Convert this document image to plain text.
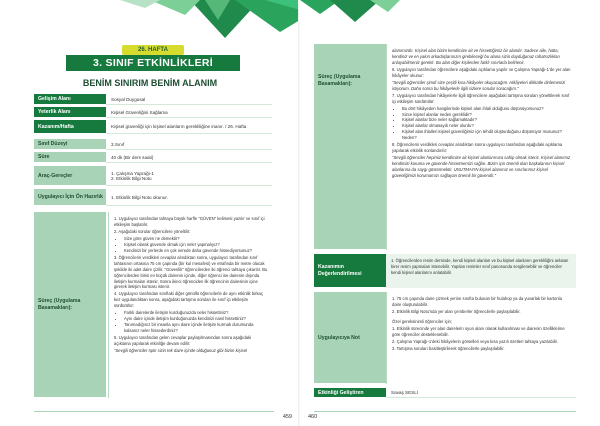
26. HAFTA
3. SINIF ETKİNLİKLERİ
BENİM SINIRIM BENİM ALANIM
Gelişim Alanı	Sosyal Duygusal
Yeterlik Alanı	Kişisel Güvenliğini Sağlama
Kazanım/Hafta	Kişisel güvenliği için kişisel alanların gerekliliğine inanır. / 26. Hafta
Sınıf Düzeyi	3.Sınıf
Süre	40 dk (Bir ders saati)
Araç-Gereçler	1. Çalışma Yaprağı-1
2. Etkinlik Bilgi Notu
Uygulayıcı İçin Ön Hazırlık	1. Etkinlik Bilgi Notu okunur.
Süreç (Uygulama Basamakları):

1. Uygulayıcı tarafından tahtaya büyük harfle "GÜVEN" kelimesi yazılır ve sınıf içi etkileşim başlatılır.

2. Aşağıdaki sorular öğrencilere yöneltilir:

• Size göre güven ne demektir?
• Kişisel olarak güvende olmak için neler yapmalıyız?
• Kendinizi bir yerlerde en çok nerede daha güvende hissediyorsunuz?

3. Öğrencilerin verdikleri cevaplar alındıktan sonra, uygulayıcı tarafından sınıf tahtasının ortasına 75 cm çapında (bir kul mesafesi) ve etrafında bir metre olacak şekilde iki adet daire çizilir. "Güvenlik" öğrencilerden iki öğrenci tahtaya çıkarılır. Bu öğrencilerden birisi en küçük dairenin içinde, diğer öğrenci ise dairenin dışında iletişim kurmaları istenir. Sonra ikinci öğrenciden ilk öğrencinin dairesinin içine girerek iletişim kurması istenir.

4. Uygulayıcı tarafından sınıftaki diğer gönüllü öğrencilerle de aynı etkinlik birkaç kez uygulandıktan sonra, aşağıdaki tartışma soruları ile sınıf içi etkileşim sürdürülür:

• Farklı dairelerde iletişim kurduğunuzda neler hissettiniz?
• Aynı daire içinde iletişim kurduğunuzda kendinizi nasıl hissettiniz?
• Tanımadığınız bir insanla aynı daire içinde iletişim kurmak durumunda kalsanız neler hissederdiniz?

5. Uygulayıcı tarafından gelen cevaplar paylaşılmasından sonra aşağıdaki açıklama yapılarak etkinliğe devam edilir:

"Sevgili öğrenciler tıpkı sizin tek daire içinde olduğunuz gibi bizim kişisel

459
Süreç (Uygulama Basamakları):

alanımızdır. Kişisel alan bizim kendimize ait ve hissettiğimiz bir alandır. Sadece aile, hatta, kendiniz ve en yakın arkadaşlarınızın girebileceği bu alana sizin duyduğunuz rahatsızlıkları anlayabilmeniz gerekir. Bu alan diğer kişilerden farklı sınırlarla belirlenir.

6. Uygulayıcı tarafından öğrencilere aşağıdaki açıklama yapılır ve Çalışma Yaprağı-1'de yer alan hikâyeler okunur:

"Sevgili öğrenciler şimdi size çeşitli kısa hikâyeler okuyacağım. Hikâyeleri dikkatle dinlemenizi istiyorum. Daha sonra bu hikâyelerle ilgili sizlere sorular soracağım."

7. Uygulayıcı tarafından hikâyelerle ilgili öğrencilere aşağıdaki tartışma soruları yöneltilerek sınıf içi etkileşim sürdürülür:

• Bu dört hikâyeden hangilerinde kişisel alan ihlali olduğunu düşünüyorsunuz?
• Sizce kişisel alanlar neden gereklidir?
• Kişisel alanlar bize neler sağlamaktadır?
• Kişisel alanlar olmasaydı neler olurdu?
• Kişisel alan ihlalleri kişisel güvenliğimiz için tehdit oluşturduğunu düşünüyor musunuz? Neden?

8. Öğrencilerin verdikleri cevaplar alındıktan sonra uygulayıcı tarafından aşağıdaki açıklama yapılarak etkinlik sonlandırılır:

"Sevgili öğrenciler hepimiz kendimize ait kişisel alanlarımıza sahip olmak isteriz. Kişisel alanımız kendimizi koruma ve güvende hissetmemizi sağlar. Bizim için önemli olan başkalarının kişisel alanlarına da saygı göstermektir. UNUTMAYIN kişisel alanımız ve sınırlarımız kişisel güvenliğimizi korumamızı sağlayan önemli bir güvendir."

Kazanımın Değerlendirilmesi

1. Öğrencilerden resim dersinde, kendi kişisel alanları ve bu kişisel alanların gerekliliğini anlatan birer resim yapmaları istenebilir. Yapılan resimler sınıf panosunda sergilenebilir ve öğrenciler kendi kişisel alanlarını anlatabilir.

Uygulayıcıya Not

1. 75 cm çapında daire çizmek yerine sınıfta bulunan bir hulahop ya da yuvarlak bir kartonla daire oluşturulabilir.

2. Etkinlik Bilgi Notu'nda yer alan çemberler öğrencilerle paylaşılabilir.

Özel gereksinimli öğrenciler için;

1. Etkinlik sürecinde yer alan dairelerin oyun alanı olarak kullanılması ve dairenin özelliklerine göre öğrenciler desteklenebilir.

2. Çalışma Yaprağı-1'deki hikâyelerin görselleri veya kısa yazılı özetleri tahtaya yazılabilir.

3. Tartışma soruları basitleştirilerek öğrencilerle paylaşılabilir.

Etkinliği Geliştiren	Savaş SESLİ
460
